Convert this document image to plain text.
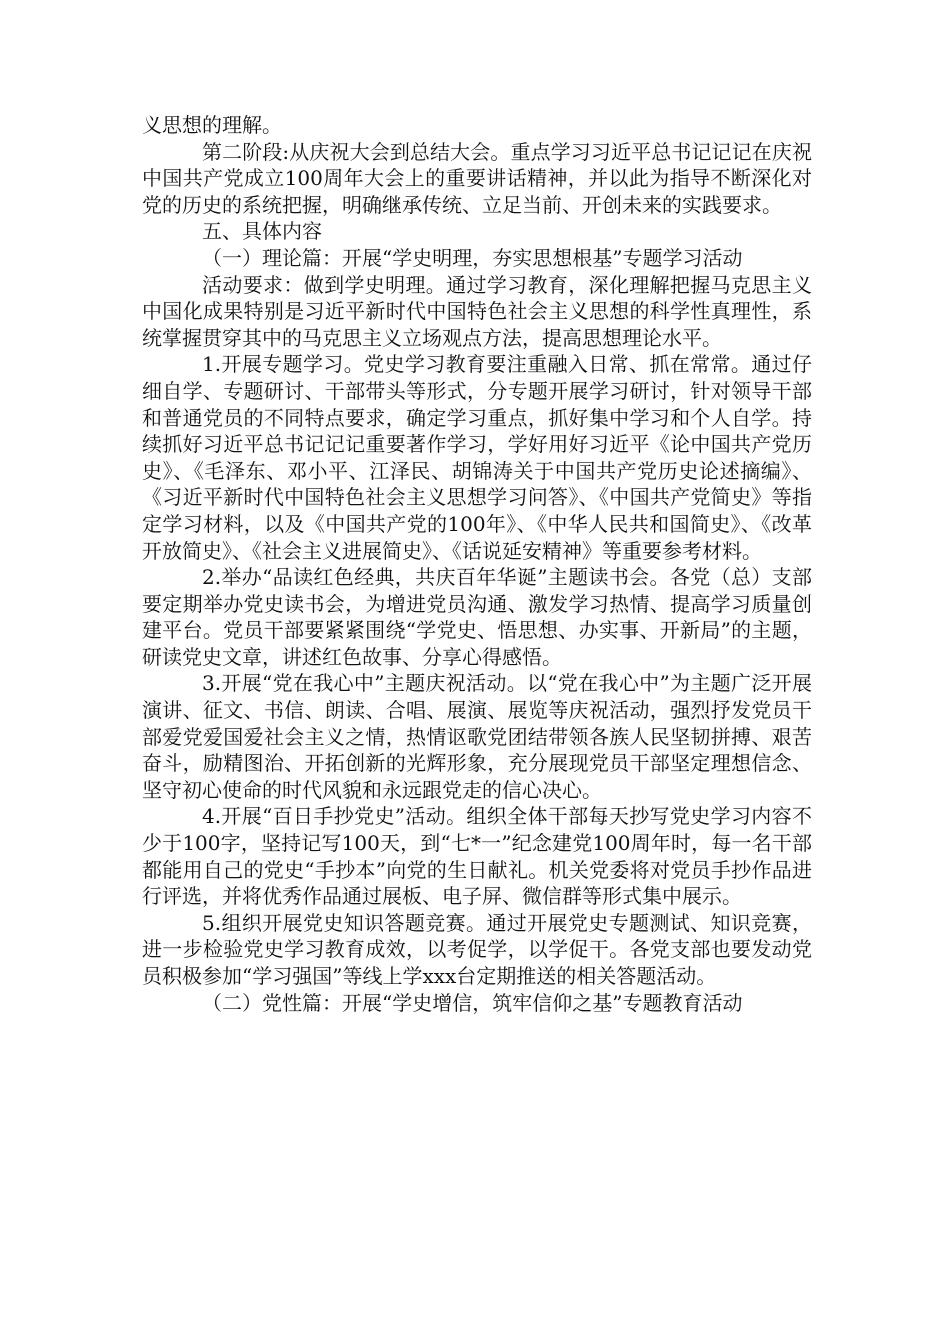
义思想的理解。

第二阶段:从庆祝大会到总结大会。重点学习习近平总书记记记在庆祝中国共产党成立100周年大会上的重要讲话精神，并以此为指导不断深化对党的历史的系统把握，明确继承传统、立足当前、开创未来的实践要求。

五、具体内容

（一）理论篇：开展“学史明理，夯实思想根基”专题学习活动

活动要求：做到学史明理。通过学习教育，深化理解把握马克思主义中国化成果特别是习近平新时代中国特色社会主义思想的科学性真理性，系统掌握贯穿其中的马克思主义立场观点方法，提高思想理论水平。

1.开展专题学习。党史学习教育要注重融入日常、抓在常常。通过仔细自学、专题研讨、干部带头等形式，分专题开展学习研讨，针对领导干部和普通党员的不同特点要求，确定学习重点，抓好集中学习和个人自学。持续抓好习近平总书记记记重要著作学习，学好用好习近平《论中国共产党历史》、《毛泽东、邓小平、江泽民、胡锦涛关于中国共产党历史论述摘编》、《习近平新时代中国特色社会主义思想学习问答》、《中国共产党简史》等指定学习材料，以及《中国共产党的100年》、《中华人民共和国简史》、《改革开放简史》、《社会主义进展简史》、《话说延安精神》等重要参考材料。

2.举办“品读红色经典，共庆百年华诞”主题读书会。各党（总）支部要定期举办党史读书会，为增进党员沟通、激发学习热情、提高学习质量创建平台。党员干部要紧紧围绕“学党史、悟思想、办实事、开新局”的主题，研读党史文章，讲述红色故事、分享心得感悟。

3.开展“党在我心中”主题庆祝活动。以“党在我心中”为主题广泛开展演讲、征文、书信、朗读、合唱、展演、展览等庆祝活动，强烈抒发党员干部爱党爱国爱社会主义之情，热情讴歌党团结带领各族人民坚韧拼搏、艰苦奋斗，励精图治、开拓创新的光辉形象，充分展现党员干部坚定理想信念、坚守初心使命的时代风貌和永远跟党走的信心决心。

4.开展“百日手抄党史”活动。组织全体干部每天抄写党史学习内容不少于100字，坚持记写100天，到“七*一”纪念建党100周年时，每一名干部都能用自己的党史“手抄本”向党的生日献礼。机关党委将对党员手抄作品进行评选，并将优秀作品通过展板、电子屏、微信群等形式集中展示。

5.组织开展党史知识答题竞赛。通过开展党史专题测试、知识竞赛，进一步检验党史学习教育成效，以考促学，以学促干。各党支部也要发动党员积极参加“学习强国”等线上学xxx台定期推送的相关答题活动。

（二）党性篇：开展“学史增信，筑牢信仰之基”专题教育活动
